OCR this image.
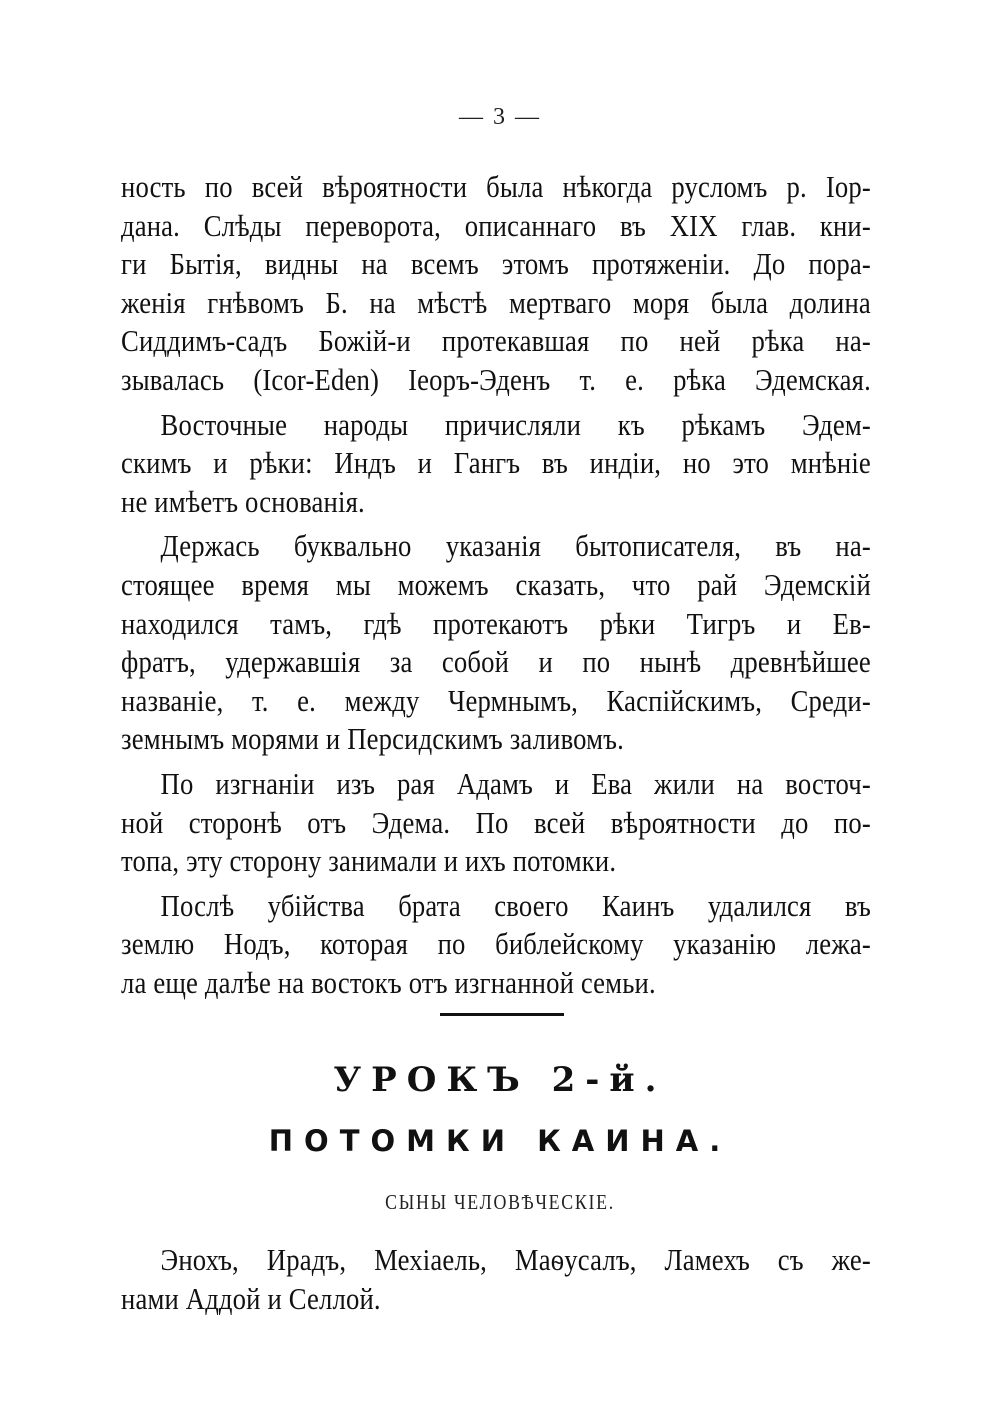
— 3 —
ность по всей вѣроятности была нѣкогда русломъ р. Іор-
дана. Слѣды переворота, описаннаго въ XIX глав. кни-
ги Бытія, видны на всемъ этомъ протяженіи. До пора-
женія гнѣвомъ Б. на мѣстѣ мертваго моря была долина
Сиддимъ-садъ Божій-и протекавшая по ней рѣка на-
зывалась (Ісor-Eden) Іеоръ-Эденъ т. е. рѣка Эдемская.
Восточные народы причисляли къ рѣкамъ Эдем-
скимъ и рѣки: Индъ и Гангъ въ индіи, но это мнѣніе
не имѣетъ основанія.
Держась буквально указанія бытописателя, въ на-
стоящее время мы можемъ сказать, что рай Эдемскій
находился тамъ, гдѣ протекаютъ рѣки Тигръ и Ев-
фратъ, удержавшія за собой и по нынѣ древнѣйшее
названіе, т. е. между Чермнымъ, Каспійскимъ, Среди-
земнымъ морями и Персидскимъ заливомъ.
По изгнаніи изъ рая Адамъ и Ева жили на восточ-
ной сторонѣ отъ Эдема. По всей вѣроятности до по-
топа, эту сторону занимали и ихъ потомки.
Послѣ убійства брата своего Каинъ удалился въ
землю Нодъ, которая по библейскому указанію лежа-
ла еще далѣе на востокъ отъ изгнанной семьи.
УРОКЪ 2-й.
ПОТОМКИ КАИНА.
СЫНЫ ЧЕЛОВѢЧЕСКІЕ.
Энохъ, Ирадъ, Мехіаель, Маѳусалъ, Ламехъ съ же-
нами Аддой и Селлой.
